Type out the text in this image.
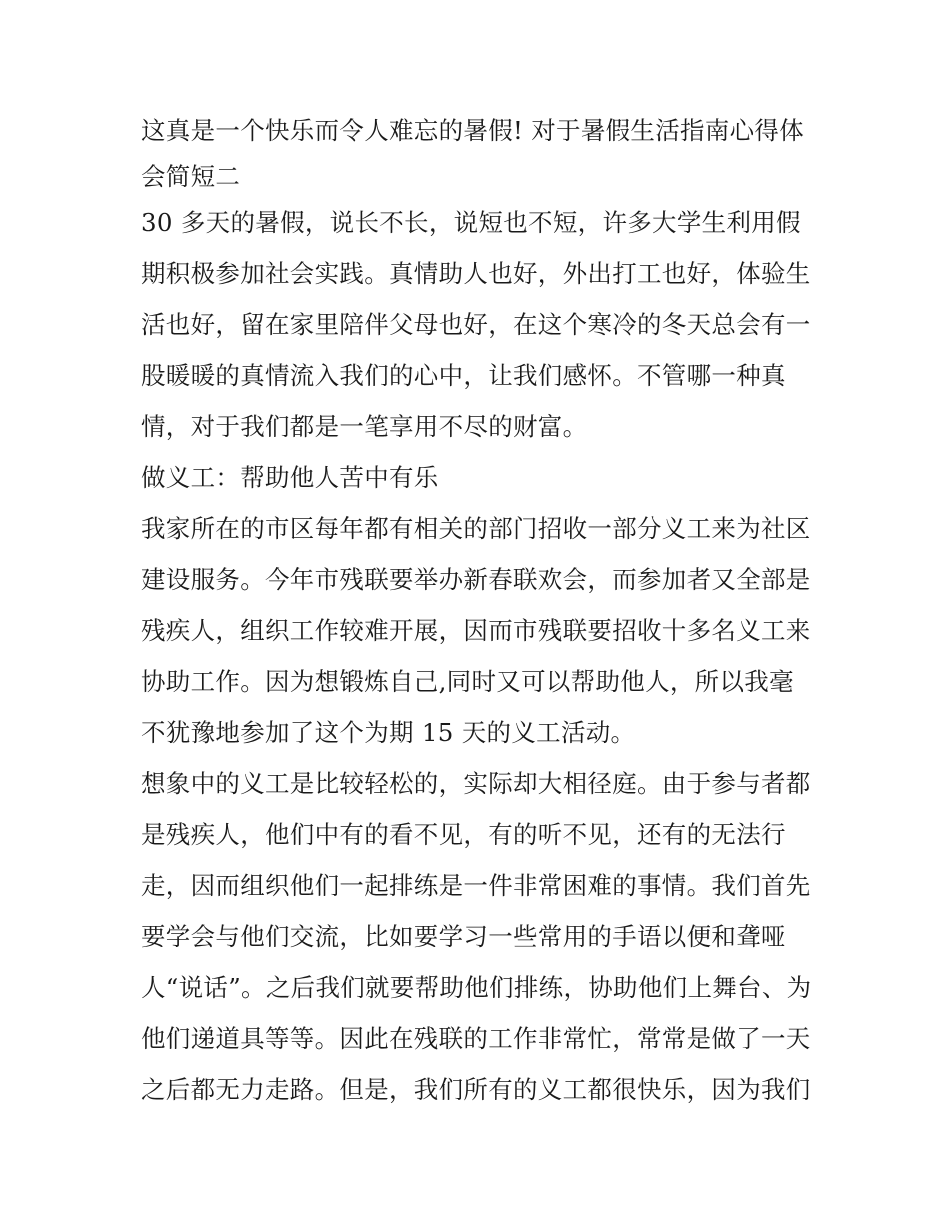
这真是一个快乐而令人难忘的暑假! 对于暑假生活指南心得体
会简短二
30 多天的暑假，说长不长，说短也不短，许多大学生利用假
期积极参加社会实践。真情助人也好，外出打工也好，体验生
活也好，留在家里陪伴父母也好，在这个寒冷的冬天总会有一
股暖暖的真情流入我们的心中，让我们感怀。不管哪一种真
情，对于我们都是一笔享用不尽的财富。
做义工：帮助他人苦中有乐
我家所在的市区每年都有相关的部门招收一部分义工来为社区
建设服务。今年市残联要举办新春联欢会，而参加者又全部是
残疾人，组织工作较难开展，因而市残联要招收十多名义工来
协助工作。因为想锻炼自己,同时又可以帮助他人，所以我毫
不犹豫地参加了这个为期 15 天的义工活动。
想象中的义工是比较轻松的，实际却大相径庭。由于参与者都
是残疾人，他们中有的看不见，有的听不见，还有的无法行
走，因而组织他们一起排练是一件非常困难的事情。我们首先
要学会与他们交流，比如要学习一些常用的手语以便和聋哑
人“说话”。之后我们就要帮助他们排练，协助他们上舞台、为
他们递道具等等。因此在残联的工作非常忙，常常是做了一天
之后都无力走路。但是，我们所有的义工都很快乐，因为我们
